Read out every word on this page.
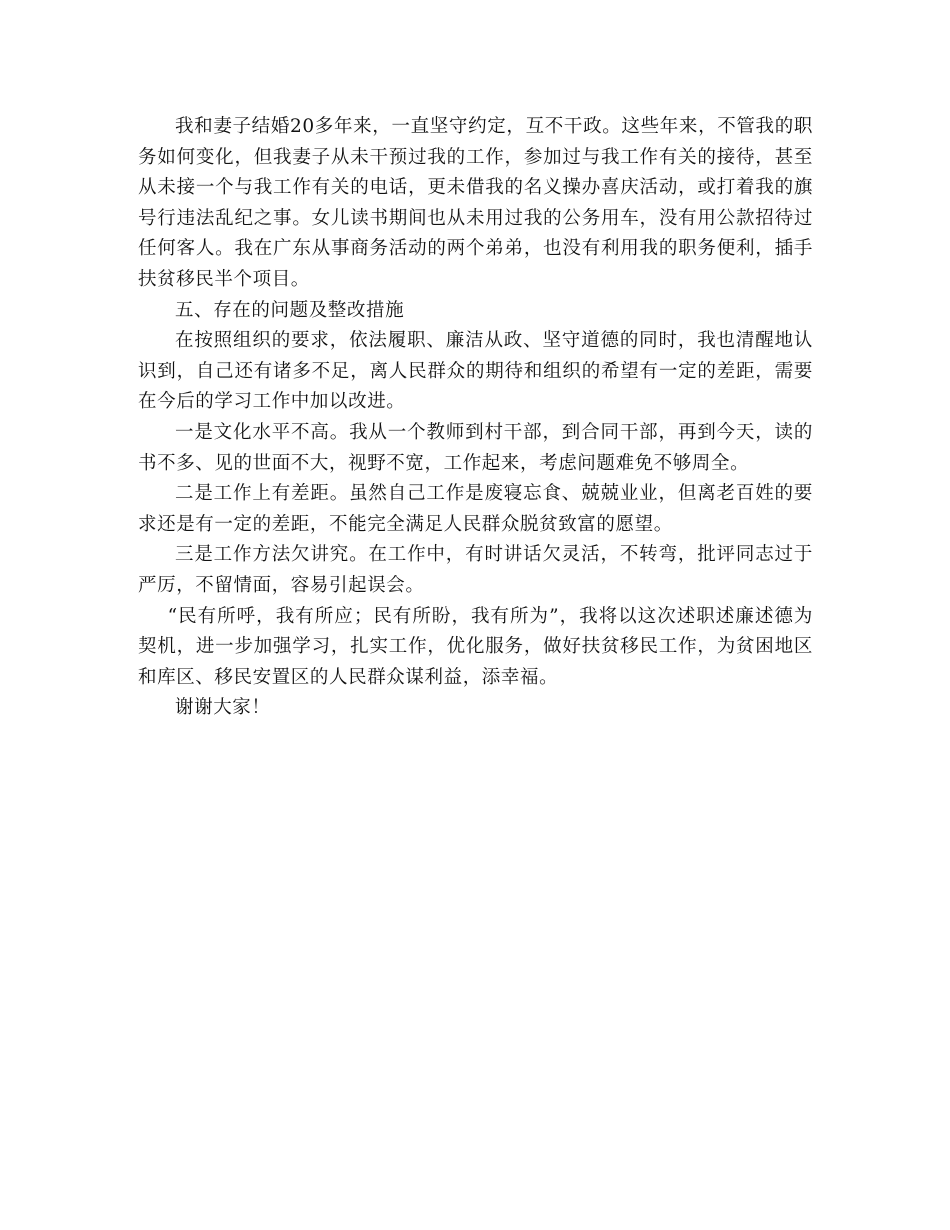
我和妻子结婚20多年来，一直坚守约定，互不干政。这些年来，不管我的职务如何变化，但我妻子从未干预过我的工作，参加过与我工作有关的接待，甚至从未接一个与我工作有关的电话，更未借我的名义操办喜庆活动，或打着我的旗号行违法乱纪之事。女儿读书期间也从未用过我的公务用车，没有用公款招待过任何客人。我在广东从事商务活动的两个弟弟，也没有利用我的职务便利，插手扶贫移民半个项目。

五、存在的问题及整改措施

在按照组织的要求，依法履职、廉洁从政、坚守道德的同时，我也清醒地认识到，自己还有诸多不足，离人民群众的期待和组织的希望有一定的差距，需要在今后的学习工作中加以改进。

一是文化水平不高。我从一个教师到村干部，到合同干部，再到今天，读的书不多、见的世面不大，视野不宽，工作起来，考虑问题难免不够周全。

二是工作上有差距。虽然自己工作是废寝忘食、兢兢业业，但离老百姓的要求还是有一定的差距，不能完全满足人民群众脱贫致富的愿望。

三是工作方法欠讲究。在工作中，有时讲话欠灵活，不转弯，批评同志过于严厉，不留情面，容易引起误会。

“民有所呼，我有所应；民有所盼，我有所为”，我将以这次述职述廉述德为契机，进一步加强学习，扎实工作，优化服务，做好扶贫移民工作，为贫困地区和库区、移民安置区的人民群众谋利益，添幸福。

谢谢大家！
